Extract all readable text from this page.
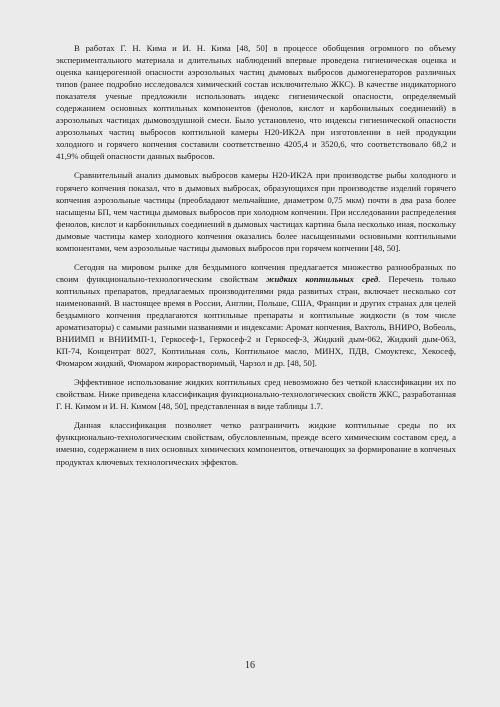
В работах Г. Н. Кима и И. Н. Кима [48, 50] в процессе обобщения огромного по объему экспериментального материала и длительных наблюдений впервые проведена гигиеническая оценка и оценка канцерогенной опасности аэрозольных частиц дымовых выбросов дымогенераторов различных типов (ранее подробно исследовался химический состав исключительно ЖКС). В качестве индикаторного показателя ученые предложили использовать индекс гигиенической опасности, определяемый содержанием основных коптильных компонентов (фенолов, кислот и карбонильных соединений) в аэрозольных частицах дымовоздушной смеси. Было установлено, что индексы гигиенической опасности аэрозольных частиц выбросов коптильной камеры Н20-ИК2А при изготовлении в ней продукции холодного и горячего копчения составили соответственно 4205,4 и 3520,6, что соответствовало 68,2 и 41,9% общей опасности данных выбросов.

Сравнительный анализ дымовых выбросов камеры Н20-ИК2А при производстве рыбы холодного и горячего копчения показал, что в дымовых выбросах, образующихся при производстве изделий горячего копчения аэрозольные частицы (преобладают мельчайшие, диаметром 0,75 мкм) почти в два раза более насыщены БП, чем частицы дымовых выбросов при холодном копчении. При исследовании распределения фенолов, кислот и карбонильных соединений в дымовых частицах картина была несколько иная, поскольку дымовые частицы камер холодного копчения оказались более насыщенными основными коптильными компонентами, чем аэрозольные частицы дымовых выбросов при горячем копчении [48, 50].

Сегодня на мировом рынке для бездымного копчения предлагается множество разнообразных по своим функционально-технологическим свойствам жидких коптильных сред. Перечень только коптильных препаратов, предлагаемых производителями ряда развитых стран, включает несколько сот наименований. В настоящее время в России, Англии, Польше, США, Франции и других странах для целей бездымного копчения предлагаются коптильные препараты и коптильные жидкости (в том числе ароматизаторы) с самыми разными названиями и индексами: Аромат копчения, Вахтоль, ВНИРО, Вобеоль, ВНИИМП и ВНИИМП-1, Геркосеф-1, Геркосеф-2 и Геркосеф-3, Жидкий дым-062, Жидкий дым-063, КП-74, Концентрат 8027, Коптильная соль, Коптильное масло, МИНХ, ПДВ, Смоуктекс, Хекосеф, Фюмаром жидкий, Фюмаром жирорастворимый, Чарзол и др. [48, 50].

Эффективное использование жидких коптильных сред невозможно без четкой классификации их по свойствам. Ниже приведена классификация функционально-технологических свойств ЖКС, разработанная Г. Н. Кимом и И. Н. Кимом [48, 50], представленная в виде таблицы 1.7.

Данная классификация позволяет четко разграничить жидкие коптильные среды по их функционально-технологическим свойствам, обусловленным, прежде всего химическим составом сред, а именно, содержанием в них основных химических компонентов, отвечающих за формирование в копченых продуктах ключевых технологических эффектов.

16
